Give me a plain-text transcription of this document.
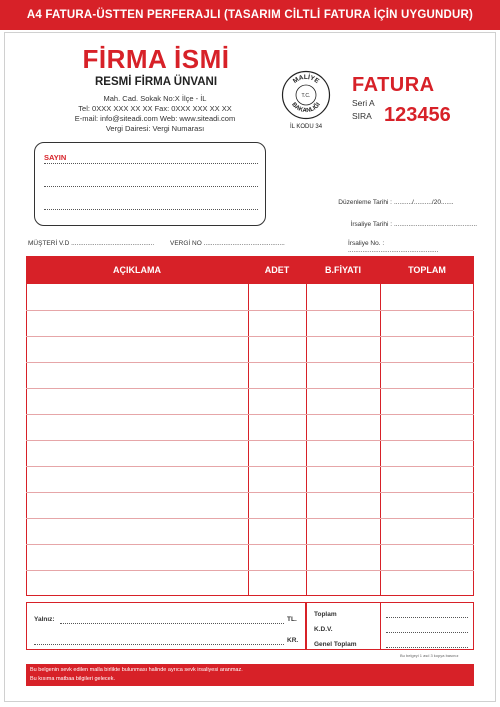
A4 FATURA-ÜSTTEN PERFERAJLI (TASARIM CİLTLİ FATURA İÇİN UYGUNDUR)
FİRMA İSMİ
RESMİ FİRMA ÜNVANI
Mah. Cad. Sokak No:X İlçe - İL
Tel: 0XXX XXX XX XX Fax: 0XXX XXX XX XX
E-mail: info@siteadi.com Web: www.siteadi.com
Vergi Dairesi: Vergi Numarası
MALİYE
BAKANLIĞI
T.C.
İL KODU 34
FATURA
Seri A
SIRA 123456
SAYIN
Düzenleme Tarihi : ........../........../20.......
İrsaliye Tarihi : ..............................................
MÜŞTERİ V.D .............................................. VERGİ NO .............................................	İrsaliye No. : ..................................................
AÇIKLAMA	ADET	B.FİYATI	TOPLAM
Yalnız:	TL.
KR.
Toplam
K.D.V.
Genel Toplam
Bu belgeyi 1 asıl 3 kopya basınız
Bu belgenin sevk edilen malla birlikte bulunması halinde ayrıca sevk irsaliyesi aranmaz.
Bu kısıma matbaa bilgileri gelecek.
